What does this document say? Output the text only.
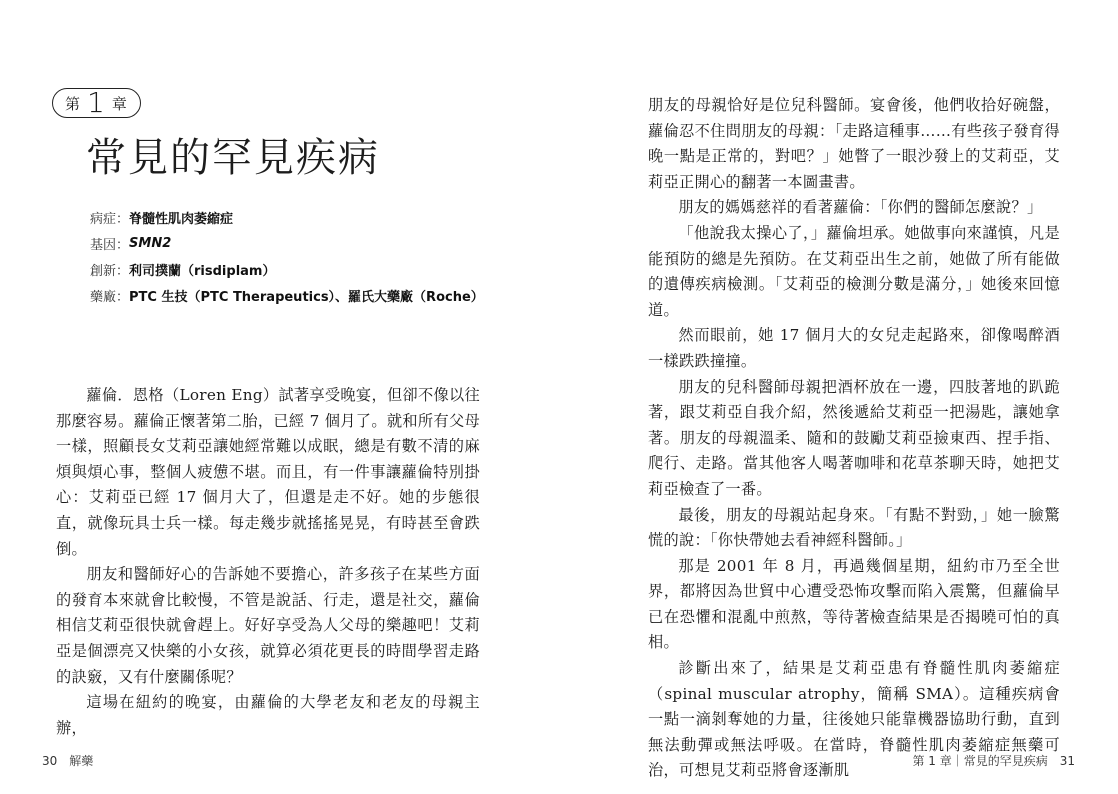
第 1 章
常見的罕見疾病
病症： 脊髓性肌肉萎縮症
基因： SMN2
創新： 利司撲蘭（risdiplam）
藥廠： PTC 生技（PTC Therapeutics）、羅氏大藥廠（Roche）

蘿倫．恩格（Loren Eng）試著享受晚宴，但卻不像以往那麼容易。蘿倫正懷著第二胎，已經 7 個月了。就和所有父母一樣，照顧長女艾莉亞讓她經常難以成眠，總是有數不清的麻煩與煩心事，整個人疲憊不堪。而且，有一件事讓蘿倫特別掛心：艾莉亞已經 17 個月大了，但還是走不好。她的步態很直，就像玩具士兵一樣。每走幾步就搖搖晃晃，有時甚至會跌倒。

朋友和醫師好心的告訴她不要擔心，許多孩子在某些方面的發育本來就會比較慢，不管是說話、行走，還是社交，蘿倫相信艾莉亞很快就會趕上。好好享受為人父母的樂趣吧！艾莉亞是個漂亮又快樂的小女孩，就算必須花更長的時間學習走路的訣竅，又有什麼關係呢？

這場在紐約的晚宴，由蘿倫的大學老友和老友的母親主辦，

30　解藥

朋友的母親恰好是位兒科醫師。宴會後，他們收拾好碗盤，蘿倫忍不住問朋友的母親：「走路這種事……有些孩子發育得晚一點是正常的，對吧？」她瞥了一眼沙發上的艾莉亞，艾莉亞正開心的翻著一本圖畫書。

朋友的媽媽慈祥的看著蘿倫：「你們的醫師怎麼說？」

「他說我太操心了，」蘿倫坦承。她做事向來謹慎，凡是能預防的總是先預防。在艾莉亞出生之前，她做了所有能做的遺傳疾病檢測。「艾莉亞的檢測分數是滿分，」她後來回憶道。

然而眼前，她 17 個月大的女兒走起路來，卻像喝醉酒一樣跌跌撞撞。

朋友的兒科醫師母親把酒杯放在一邊，四肢著地的趴跪著，跟艾莉亞自我介紹，然後遞給艾莉亞一把湯匙，讓她拿著。朋友的母親溫柔、隨和的鼓勵艾莉亞撿東西、捏手指、爬行、走路。當其他客人喝著咖啡和花草茶聊天時，她把艾莉亞檢查了一番。

最後，朋友的母親站起身來。「有點不對勁，」她一臉驚慌的說：「你快帶她去看神經科醫師。」

那是 2001 年 8 月，再過幾個星期，紐約市乃至全世界，都將因為世貿中心遭受恐怖攻擊而陷入震驚，但蘿倫早已在恐懼和混亂中煎熬，等待著檢查結果是否揭曉可怕的真相。

診斷出來了，結果是艾莉亞患有脊髓性肌肉萎縮症（spinal muscular atrophy，簡稱 SMA）。這種疾病會一點一滴剝奪她的力量，往後她只能靠機器協助行動，直到無法動彈或無法呼吸。在當時，脊髓性肌肉萎縮症無藥可治，可想見艾莉亞將會逐漸肌

第 1 章｜常見的罕見疾病　31
